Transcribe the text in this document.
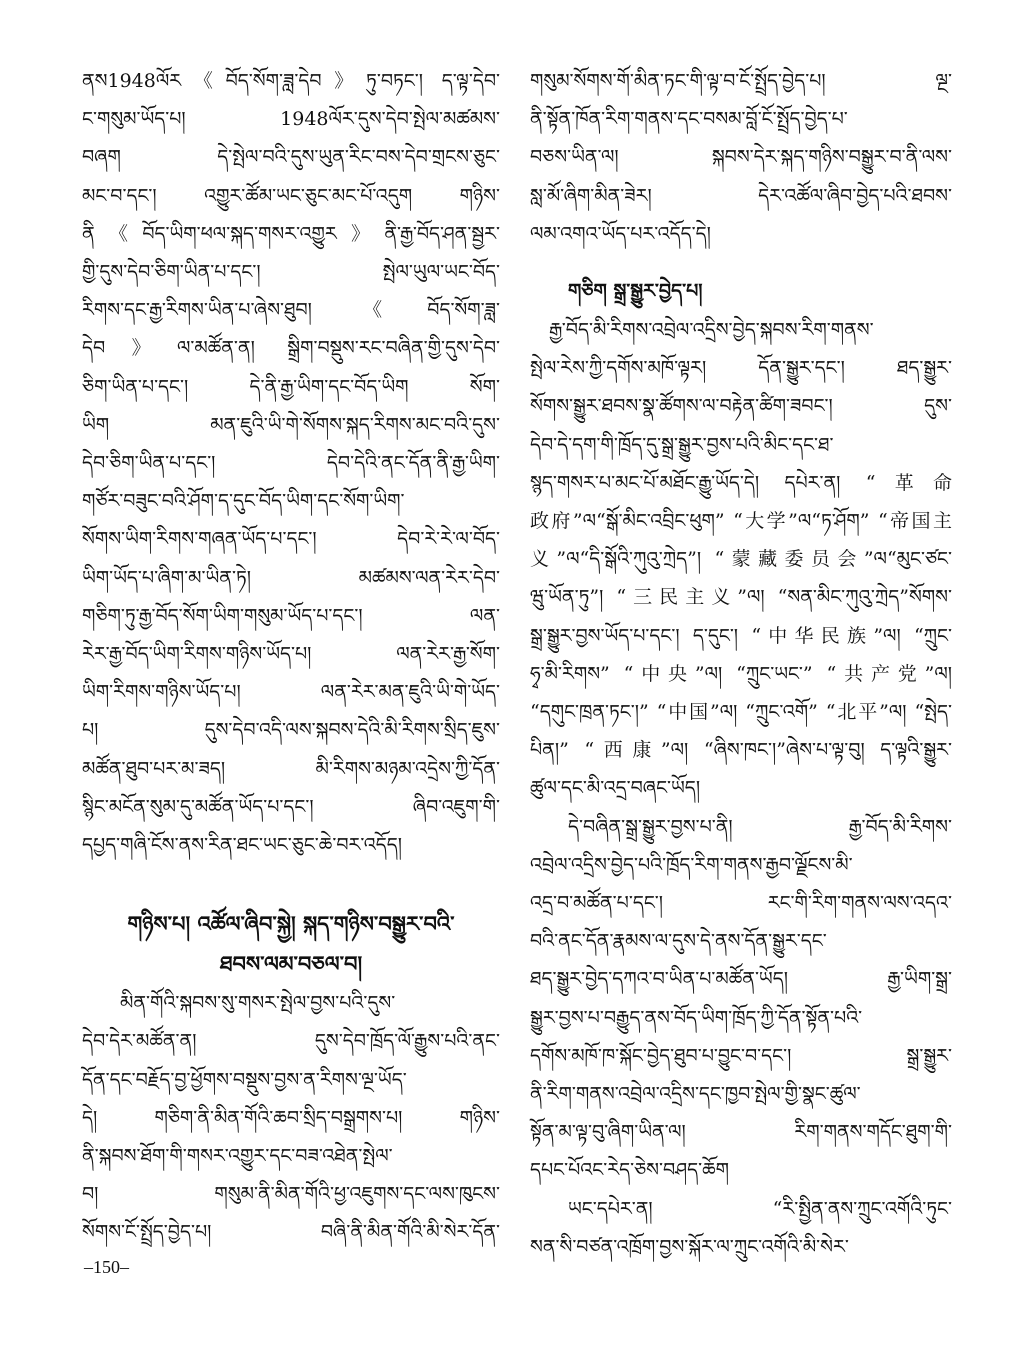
ནས1948ལོར《བོད་སོག་ཟླ་དེབ》ཏུ་བཏང་། ད་ལྟ་དེབ་

ང་གསུམ་ཡོད་པ། 1948ལོར་དུས་དེབ་སྤེལ་མཚམས་

བཞག དེ་སྤེལ་བའི་དུས་ཡུན་རིང་བས་དེབ་གྲངས་ཅུང་

མང་བ་དང་། འགྱུར་ཚོམ་ཡང་ཅུང་མང་པོ་འདུག གཉིས་

ནི《བོད་ཡིག་ཕལ་སྐད་གསར་འགྱུར》ནི་རྒྱ་བོད་ཤན་སྦྱར་

གྱི་དུས་དེབ་ཅིག་ཡིན་པ་དང་། སྤེལ་ཡུལ་ཡང་བོད་

རིགས་དང་རྒྱ་རིགས་ཡིན་པ་ཞེས་ཐུབ། 《བོད་སོག་ཟླ་

དེབ》ལ་མཚོན་ན། སྒྲིག་བསྡུས་རང་བཞིན་གྱི་དུས་དེབ་

ཅིག་ཡིན་པ་དང་། དེ་ནི་རྒྱ་ཡིག་དང་བོད་ཡིག སོག་

ཡིག མན་ཇུའི་ཡི་གེ་སོགས་སྐད་རིགས་མང་བའི་དུས་

དེབ་ཅིག་ཡིན་པ་དང་། དེབ་དེའི་ནང་དོན་ནི་རྒྱ་ཡིག་

གཙོར་བཟུང་བའི་ཤོག་ད་དུང་བོད་ཡིག་དང་སོག་ཡིག་

སོགས་ཡིག་རིགས་གཞན་ཡོད་པ་དང་། དེབ་རེ་རེ་ལ་བོད་

ཡིག་ཡོད་པ་ཞིག་མ་ཡིན་ཏེ། མཚམས་ལན་རེར་དེབ་

གཅིག་ཏུ་རྒྱ་བོད་སོག་ཡིག་གསུམ་ཡོད་པ་དང་། ལན་

རེར་རྒྱ་བོད་ཡིག་རིགས་གཉིས་ཡོད་པ། ལན་རེར་རྒྱ་སོག་

ཡིག་རིགས་གཉིས་ཡོད་པ། ལན་རེར་མན་ཇུའི་ཡི་གེ་ཡོད་

པ། དུས་དེབ་འདི་ལས་སྐབས་དེའི་མི་རིགས་སྲིད་ཇུས་

མཚོན་ཐུབ་པར་མ་ཟད། མི་རིགས་མཉམ་འདྲེས་ཀྱི་དོན་

སྙིང་མངོན་སུམ་དུ་མཚོན་ཡོད་པ་དང་། ཞིབ་འཇུག་གི་

དཔྱད་གཞི་ངོས་ནས་རིན་ཐང་ཡང་ཅུང་ཆེ་བར་འདོད།

གཉིས་པ། འཚོལ་ཞིབ་སྐྱེ། སྐད་གཉིས་བསྒྱུར་བའི་
ཐབས་ལམ་བཅལ་བ།

མིན་གོའི་སྐབས་སུ་གསར་སྤེལ་བྱས་པའི་དུས་

དེབ་དེར་མཚོན་ན། དུས་དེབ་ཁྲོད་ལོ་རྒྱུས་པའི་ནང་

དོན་དང་བརྗོད་བྱ་ཕྱོགས་བསྡུས་བྱས་ན་རིགས་ལྔ་ཡོད་

དེ། གཅིག་ནི་མིན་གོའི་ཆབ་སྲིད་བསྒྲགས་པ། གཉིས་

ནི་སྐབས་ཐོག་གི་གསར་འགྱུར་དང་བཟ་འཐེན་སྤེལ་

བ། གསུམ་ནི་མིན་གོའི་ཕྱ་འཇུགས་དང་ལས་ཁུངས་

སོགས་ངོ་སྤྲོད་བྱེད་པ། བཞི་ནི་མིན་གོའི་མི་སེར་དོན་

གསུམ་སོགས་གོ་མིན་ཏང་གི་ལྟ་བ་ངོ་སྤྲོད་བྱེད་པ། ལྔ་

ནི་སྟོན་ཁོན་རིག་གནས་དང་བསམ་བློ་ངོ་སྤྲོད་བྱེད་པ་

བཅས་ཡིན་ལ། སྐབས་དེར་སྐད་གཉིས་བསྒྱུར་བ་ནི་ལས་

སླ་མོ་ཞིག་མིན་ཟེར། དེར་འཚོལ་ཞིབ་བྱེད་པའི་ཐབས་

ལམ་འགའ་ཡོད་པར་འདོད་དེ།

གཅིག སྒྲ་སྒྱུར་བྱེད་པ།

རྒྱ་བོད་མི་རིགས་འབྲེལ་འདྲིས་བྱེད་སྐབས་རིག་གནས་

སྤེལ་རེས་ཀྱི་དགོས་མཁོ་ལྟར། དོན་སྒྱུར་དང་། ཐད་སྒྱུར་

སོགས་སྒྱུར་ཐབས་སྣ་ཚོགས་ལ་བརྟེན་ཚིག་ཟབང་། དུས་

དེབ་དེ་དག་གི་ཁྲོད་དུ་སྒྲ་སྒྱུར་བྱས་པའི་མིང་དང་ཐ་

སྙད་གསར་པ་མང་པོ་མཐོང་རྒྱུ་ཡོད་དེ། དཔེར་ན། “革命

政府”ལ“སྒོ་མིང་འབྲིང་ཕུག” “大学”ལ“ཏ་ཤོག” “帝国主

义”ལ“དི་སྒོའི་ཀུའུ་ཀྲེད”། “蒙藏委员会”ལ“མུང་ཙང་

ཝུ་ཡོན་ཏུ”། “三民主义”ལ། “སན་མིང་ཀུའུ་ཀྲེད”སོགས་

སྒྲ་སྒྱུར་བྱས་ཡོད་པ་དང་། ད་དུང་། “中华民族”ལ། “ཀྲུང་

ཧྭ་མི་རིགས” “中央”ལ། “ཀྲུང་ཡང་” “共产党”ལ།

“དགུང་ཁྲན་ཏང་།” “中国”ལ། “ཀྲུང་འགོ” “北平”ལ། “སྤེད་

པིན།” “西康”ལ། “ཞིས་ཁང་།”ཞེས་པ་ལྟ་བུ། ད་ལྟའི་སྒྱུར་

ཚུལ་དང་མི་འདྲ་བཞང་ཡོད།

དེ་བཞིན་སྒྲ་སྒྱུར་བྱས་པ་ནི། རྒྱ་བོད་མི་རིགས་

འབྲེལ་འདྲིས་བྱེད་པའི་ཁྲོད་རིག་གནས་རྒྱབ་ལྗོངས་མི་

འདྲ་བ་མཚོན་པ་དང་། རང་གི་རིག་གནས་ལས་འདའ་

བའི་ནང་དོན་རྣམས་ལ་དུས་དེ་ནས་དོན་སྒྱུར་དང་

ཐད་སྒྱུར་བྱེད་དཀའ་བ་ཡིན་པ་མཚོན་ཡོད། རྒྱ་ཡིག་སྒྲ་

སྒྱུར་བྱས་པ་བརྒྱུད་ནས་བོད་ཡིག་ཁྲོད་ཀྱི་དོན་སྟོན་པའི་

དགོས་མཁོ་ཁ་སྐོང་བྱེད་ཐུབ་པ་བྱུང་བ་དང་། སྒྲ་སྒྱུར་

ནི་རིག་གནས་འབྲེལ་འདྲིས་དང་ཁྱབ་སྤེལ་གྱི་སྣང་ཚུལ་

སྟོན་མ་ལྟ་བུ་ཞིག་ཡིན་ལ། རིག་གནས་གདོང་ཐུག་གི་

དཔང་པོའང་རེད་ཅེས་བཤད་ཆོག

ཡང་དཔེར་ན། “རི་སྤྱིན་ནས་ཀྲུང་འགོའི་ཏུང་

སན་སི་བཙན་འཁྲོག་བྱས་སྐོར་ལ་ཀྲུང་འགོའི་མི་སེར་

–150–
